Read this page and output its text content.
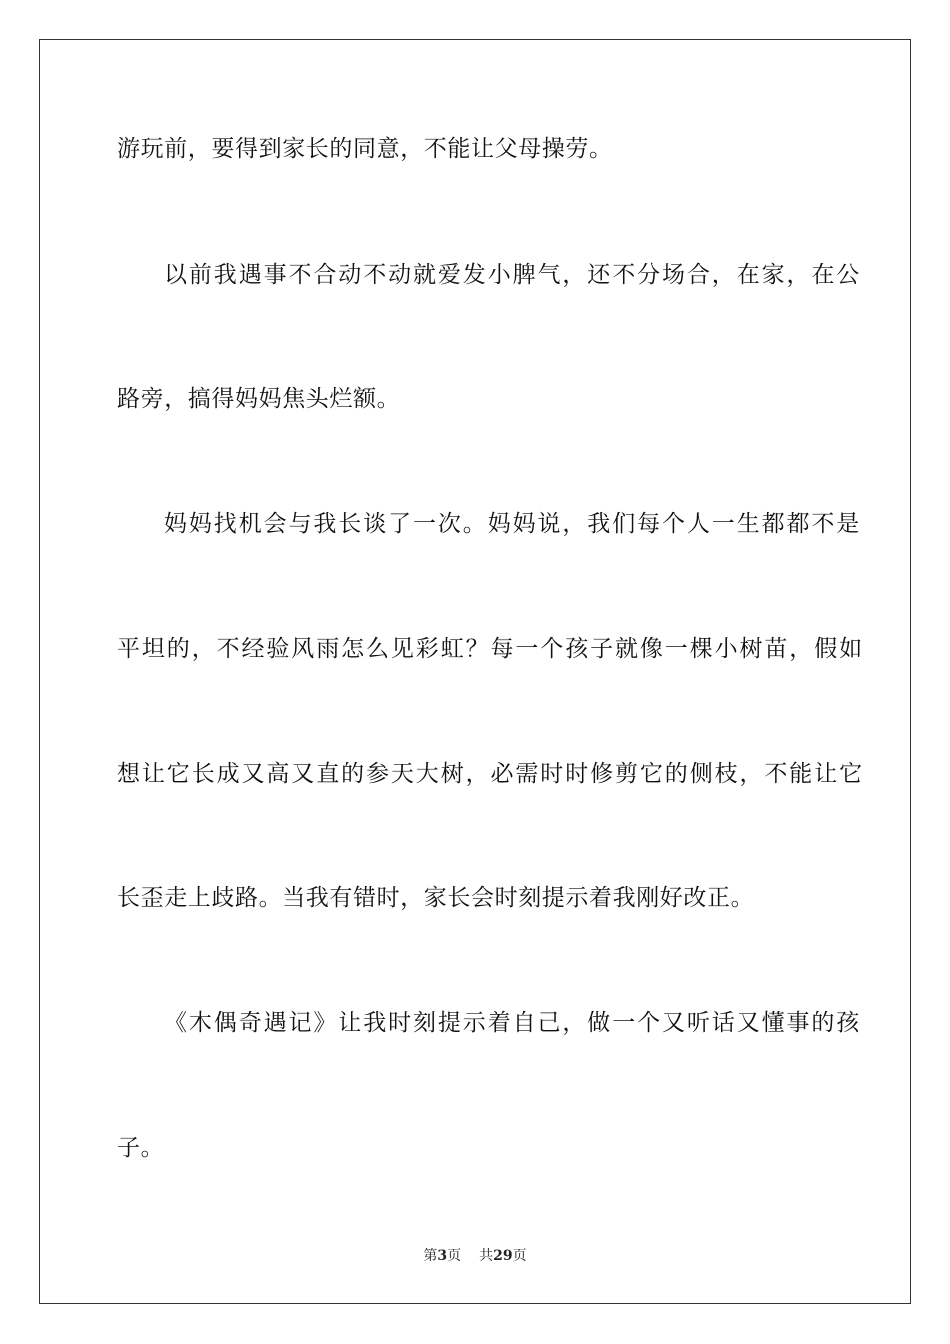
游玩前，要得到家长的同意，不能让父母操劳。
以前我遇事不合动不动就爱发小脾气，还不分场合，在家，在公
路旁，搞得妈妈焦头烂额。
妈妈找机会与我长谈了一次。妈妈说，我们每个人一生都都不是
平坦的，不经验风雨怎么见彩虹？每一个孩子就像一棵小树苗，假如
想让它长成又高又直的参天大树，必需时时修剪它的侧枝，不能让它
长歪走上歧路。当我有错时，家长会时刻提示着我刚好改正。
《木偶奇遇记》让我时刻提示着自己，做一个又听话又懂事的孩
子。
第3页 共29页
